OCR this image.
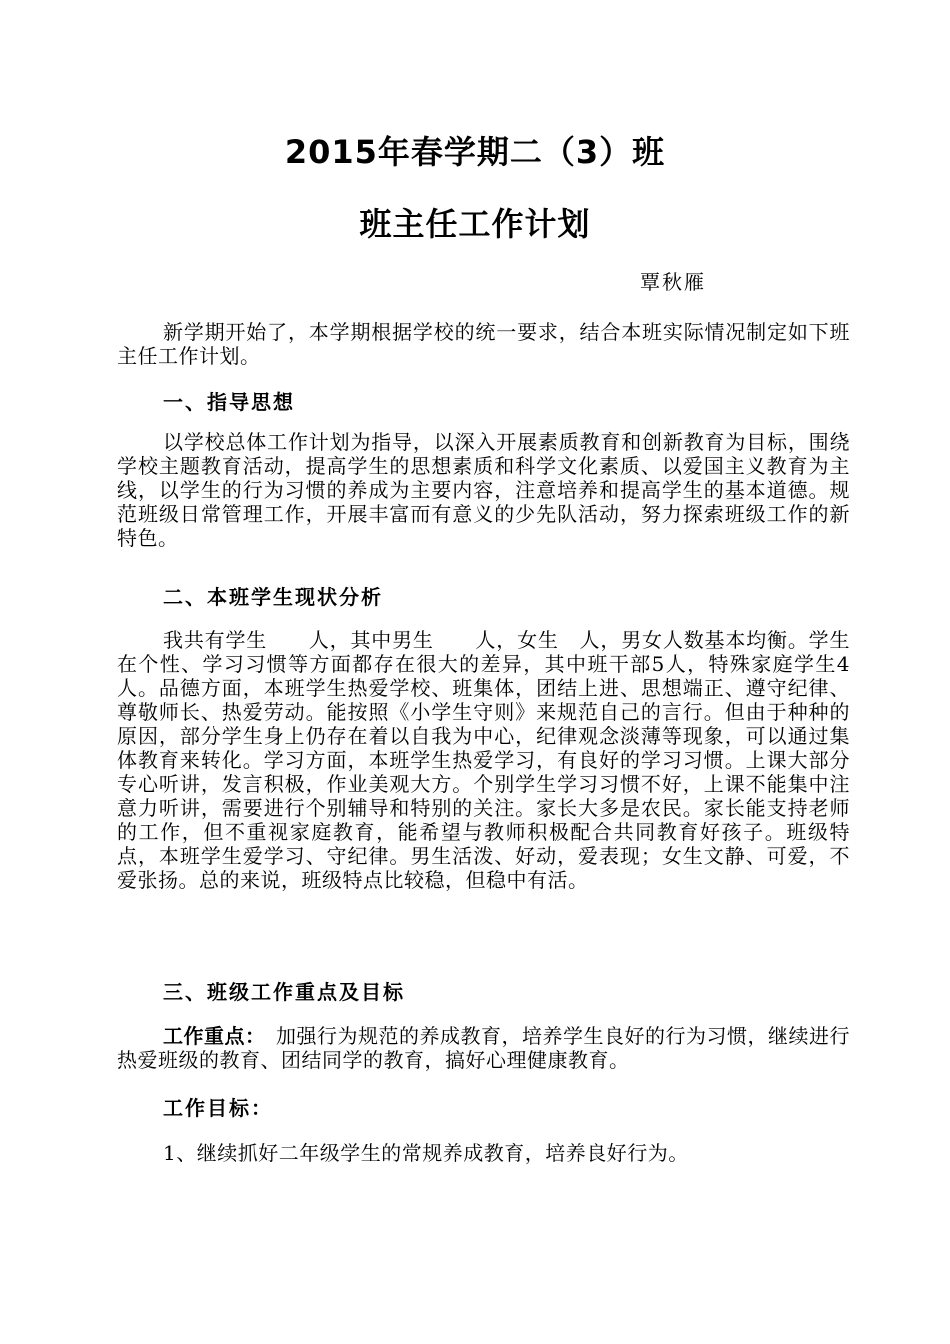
2015年春学期二（3）班
班主任工作计划
覃秋雁
新学期开始了，本学期根据学校的统一要求，结合本班实际情况制定如下班主任工作计划。
一、指导思想
以学校总体工作计划为指导，以深入开展素质教育和创新教育为目标，围绕学校主题教育活动，提高学生的思想素质和科学文化素质、以爱国主义教育为主线，以学生的行为习惯的养成为主要内容，注意培养和提高学生的基本道德。规范班级日常管理工作，开展丰富而有意义的少先队活动，努力探索班级工作的新特色。
二、本班学生现状分析
我共有学生　　人，其中男生　　人，女生　人，男女人数基本均衡。学生在个性、学习习惯等方面都存在很大的差异，其中班干部5人，特殊家庭学生4人。品德方面，本班学生热爱学校、班集体，团结上进、思想端正、遵守纪律、尊敬师长、热爱劳动。能按照《小学生守则》来规范自己的言行。但由于种种的原因，部分学生身上仍存在着以自我为中心，纪律观念淡薄等现象，可以通过集体教育来转化。学习方面，本班学生热爱学习，有良好的学习习惯。上课大部分专心听讲，发言积极，作业美观大方。个别学生学习习惯不好，上课不能集中注意力听讲，需要进行个别辅导和特别的关注。家长大多是农民。家长能支持老师的工作，但不重视家庭教育，能希望与教师积极配合共同教育好孩子。班级特点，本班学生爱学习、守纪律。男生活泼、好动，爱表现；女生文静、可爱，不爱张扬。总的来说，班级特点比较稳，但稳中有活。
三、班级工作重点及目标
工作重点：　加强行为规范的养成教育，培养学生良好的行为习惯，继续进行热爱班级的教育、团结同学的教育，搞好心理健康教育。
工作目标：
1、继续抓好二年级学生的常规养成教育，培养良好行为。
